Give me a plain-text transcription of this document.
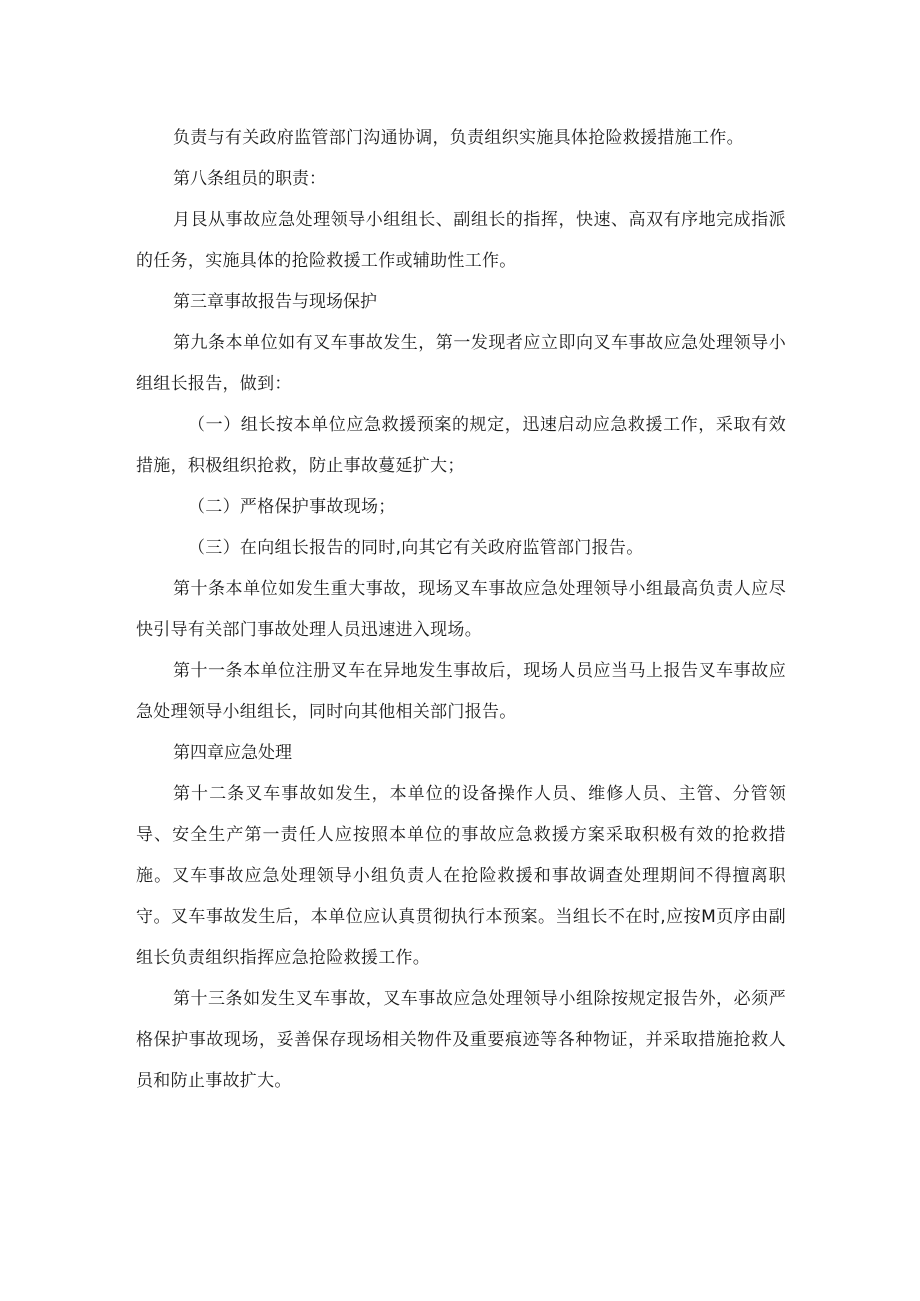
负责与有关政府监管部门沟通协调，负责组织实施具体抢险救援措施工作。

第八条组员的职责：

月艮从事故应急处理领导小组组长、副组长的指挥，快速、高双有序地完成指派的任务，实施具体的抢险救援工作或辅助性工作。

第三章事故报告与现场保护

第九条本单位如有叉车事故发生，第一发现者应立即向叉车事故应急处理领导小组组长报告，做到：

（一）组长按本单位应急救援预案的规定，迅速启动应急救援工作，采取有效措施，积极组织抢救，防止事故蔓延扩大；

（二）严格保护事故现场；

（三）在向组长报告的同时,向其它有关政府监管部门报告。

第十条本单位如发生重大事故，现场叉车事故应急处理领导小组最高负责人应尽快引导有关部门事故处理人员迅速进入现场。

第十一条本单位注册叉车在异地发生事故后，现场人员应当马上报告叉车事故应急处理领导小组组长，同时向其他相关部门报告。

第四章应急处理

第十二条叉车事故如发生，本单位的设备操作人员、维修人员、主管、分管领导、安全生产第一责任人应按照本单位的事故应急救援方案采取积极有效的抢救措施。叉车事故应急处理领导小组负责人在抢险救援和事故调查处理期间不得擅离职守。叉车事故发生后，本单位应认真贯彻执行本预案。当组长不在时,应按M页序由副组长负责组织指挥应急抢险救援工作。

第十三条如发生叉车事故，叉车事故应急处理领导小组除按规定报告外，必须严格保护事故现场，妥善保存现场相关物件及重要痕迹等各种物证，并采取措施抢救人员和防止事故扩大。
